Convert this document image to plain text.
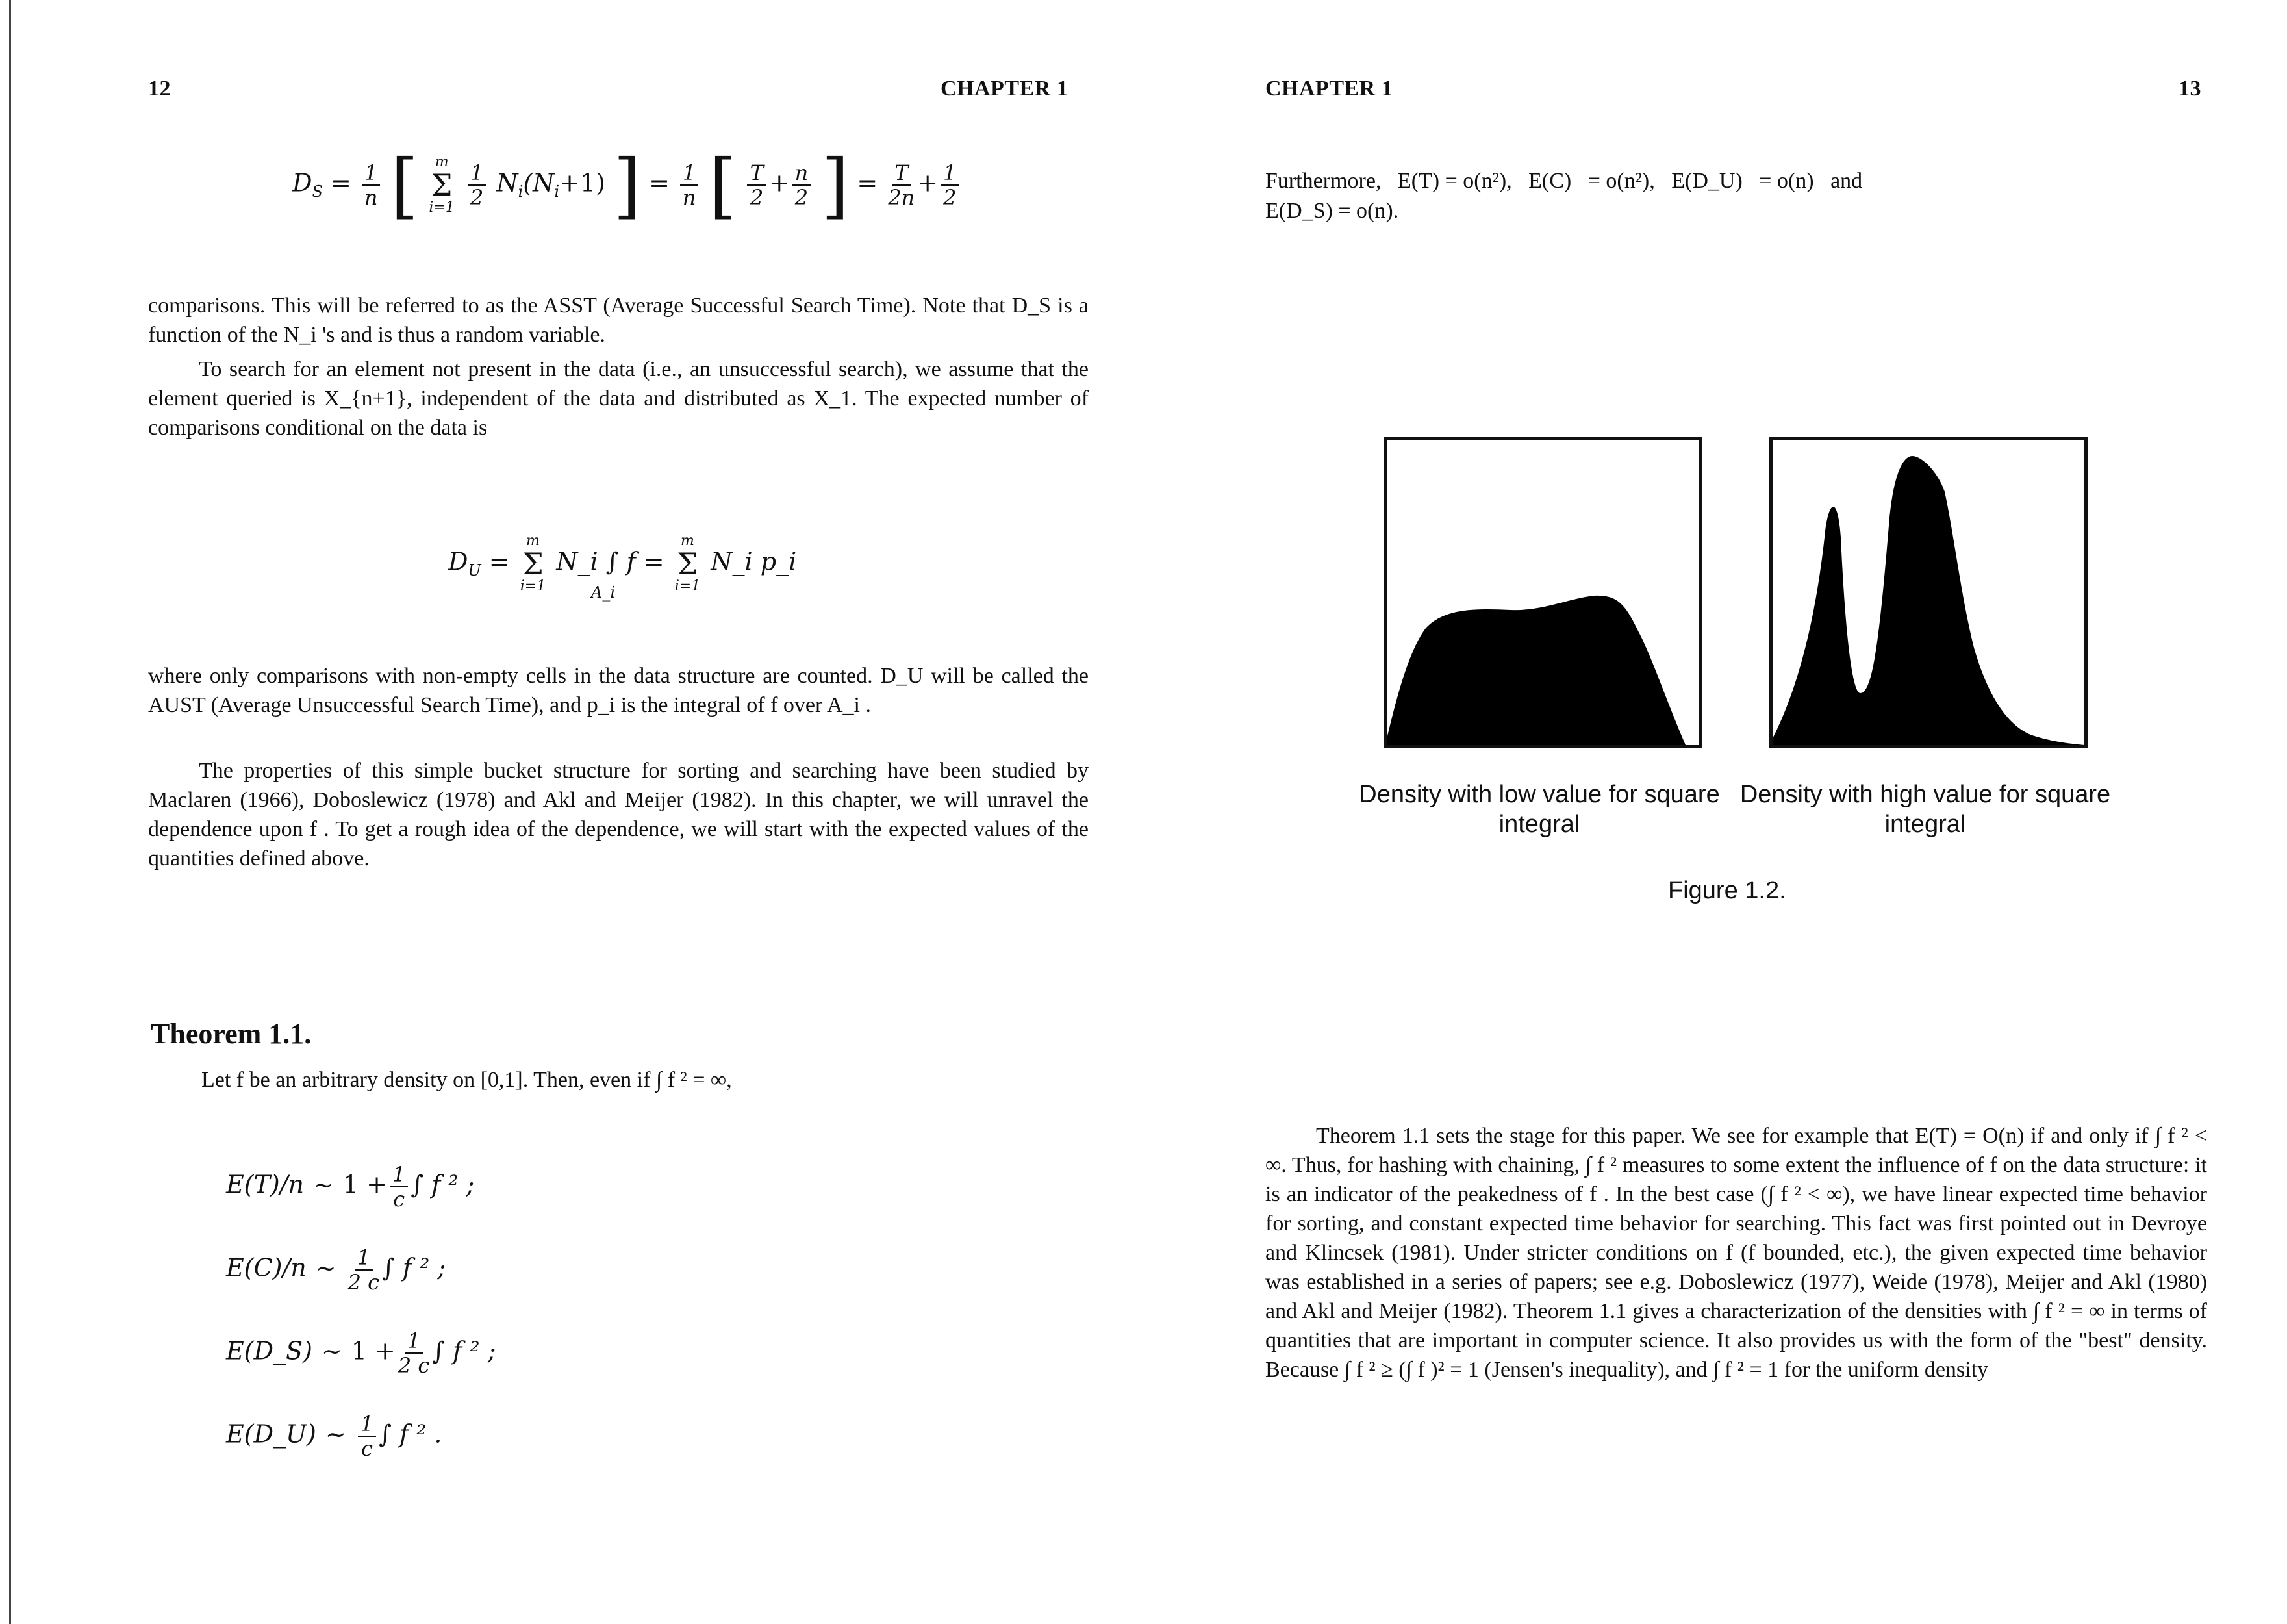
12	CHAPTER 1
$D_S = \frac{1}{n}$ [ m
Σ
i=1
$\frac{1}{2} N_i(N_i+1)$ ] = $\frac{1}{n}$ [ $\frac{T}{2} + \frac{n}{2}$ ] = $\frac{T}{2n} + \frac{1}{2}$

comparisons. This will be referred to as the ASST (Average Successful Search Time). Note that D_S is a function of the N_i 's and is thus a random variable.

To search for an element not present in the data (i.e., an unsuccessful search), we assume that the element queried is X_{n+1}, independent of the data and distributed as X_1. The expected number of comparisons conditional on the data is

$D_U$ =
m
Σ
i=1
N_i ∫ f =
m
Σ
i=1
N_i p_i
A_i

where only comparisons with non-empty cells in the data structure are counted. D_U will be called the AUST (Average Unsuccessful Search Time), and p_i is the integral of f over A_i .

The properties of this simple bucket structure for sorting and searching have been studied by Maclaren (1966), Doboslewicz (1978) and Akl and Meijer (1982). In this chapter, we will unravel the dependence upon f . To get a rough idea of the dependence, we will start with the expected values of the quantities defined above.

Theorem 1.1.

Let f be an arbitrary density on [0,1]. Then, even if ∫ f ² = ∞,

E(T)/n ~ $1 + \frac{1}{c}$ ∫ f ² ;
E(C)/n ~ $\frac{1}{2 c}$ ∫ f ² ;
E(D_S) ~ $1 + \frac{1}{2 c}$ ∫ f ² ;
E(D_U) ~ $\frac{1}{c}$ ∫ f ² .
CHAPTER 1	13
Furthermore,   E(T) = o(n²),   E(C)   = o(n²),   E(D_U)   = o(n)   and
E(D_S) = o(n).
Density with low value for square integral
Density with high value for square integral
Figure 1.2.

Theorem 1.1 sets the stage for this paper. We see for example that E(T) = O(n) if and only if ∫ f ² < ∞. Thus, for hashing with chaining, ∫ f ² measures to some extent the influence of f on the data structure: it is an indicator of the peakedness of f . In the best case (∫ f ² < ∞), we have linear expected time behavior for sorting, and constant expected time behavior for searching. This fact was first pointed out in Devroye and Klincsek (1981). Under stricter conditions on f (f bounded, etc.), the given expected time behavior was established in a series of papers; see e.g. Doboslewicz (1977), Weide (1978), Meijer and Akl (1980) and Akl and Meijer (1982). Theorem 1.1 gives a characterization of the densities with ∫ f ² = ∞ in terms of quantities that are important in computer science. It also provides us with the form of the "best" density. Because ∫ f ² ≥ (∫ f )² = 1 (Jensen's inequality), and ∫ f ² = 1 for the uniform density
